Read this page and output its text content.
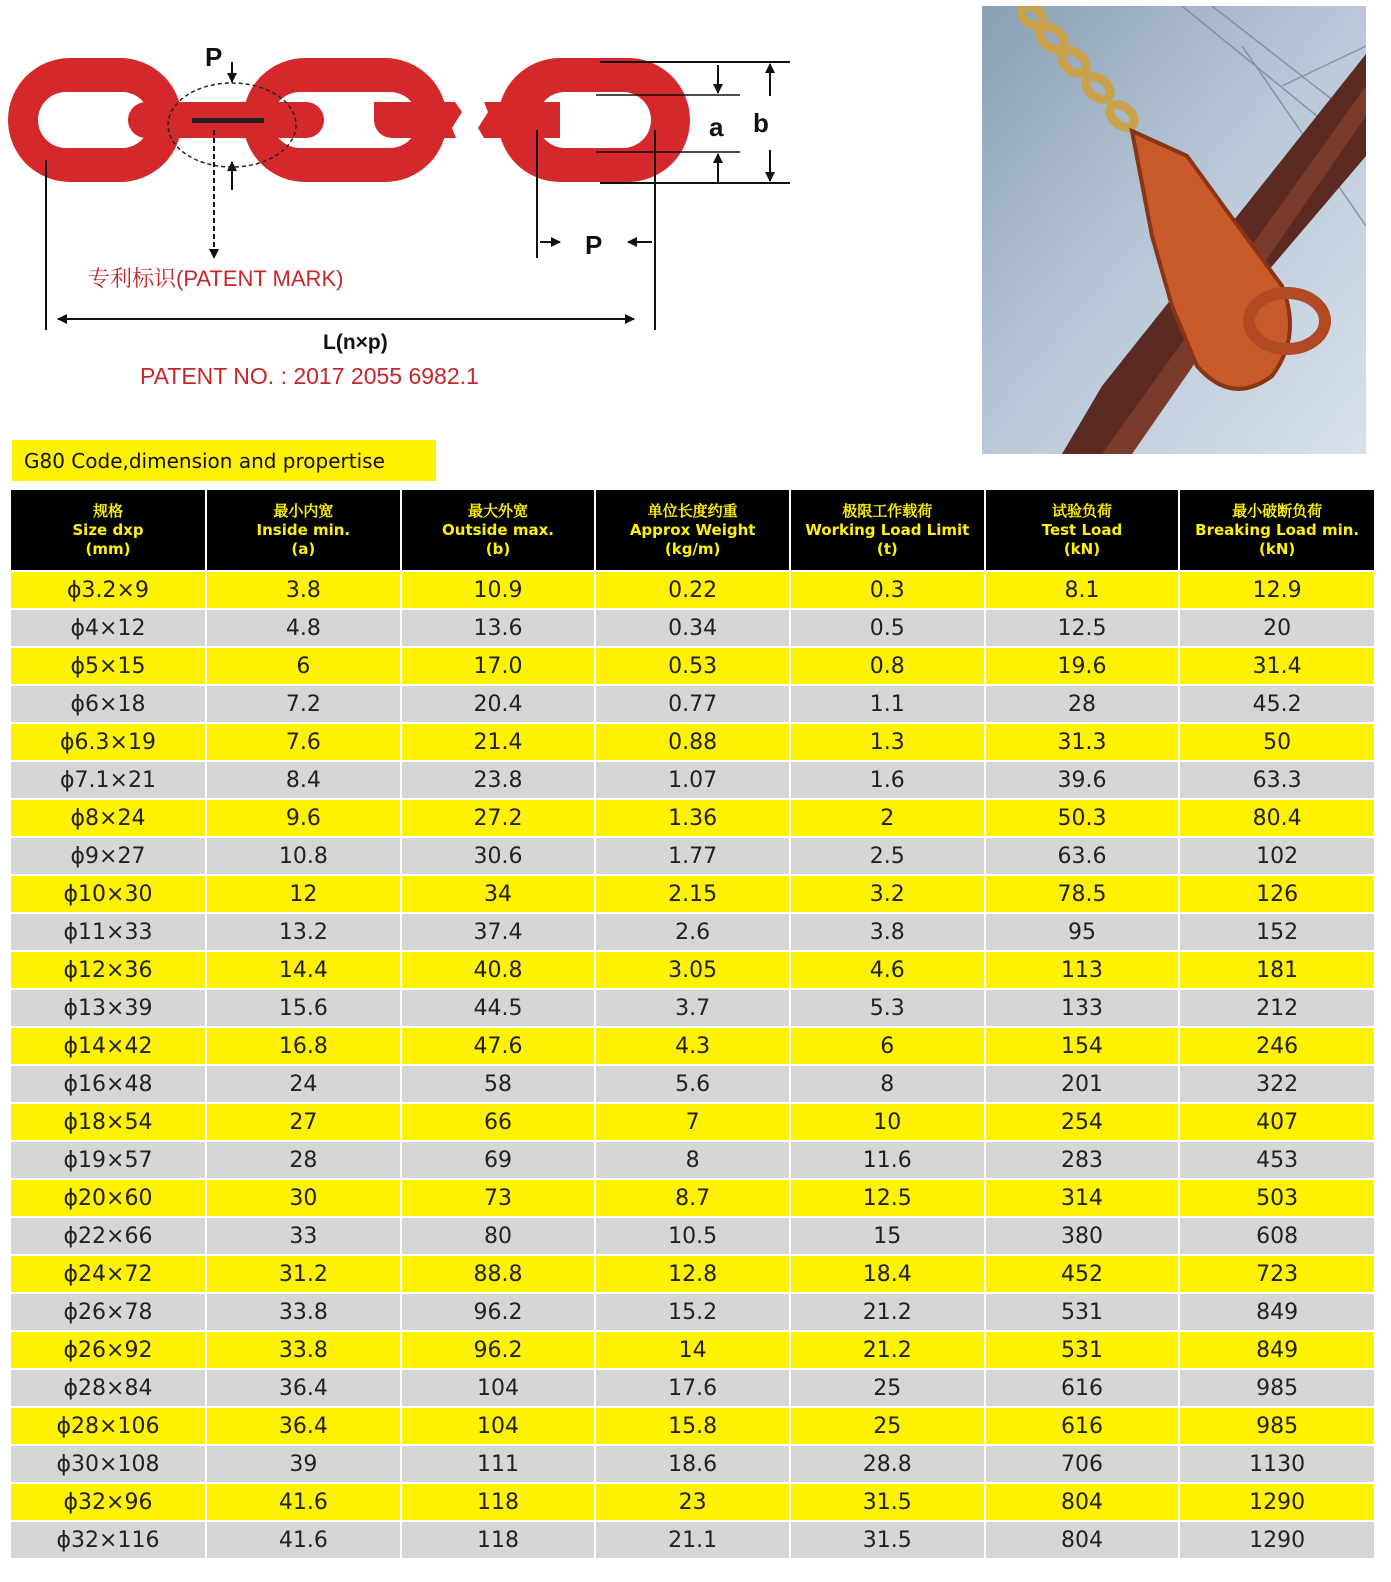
P
专利标识(PATENT MARK)
a b
P
L(n×p)
PATENT NO. : 2017 2055 6982.1
G80 Code,dimension and propertise
规格
Size dxp
(mm)	最小内宽
Inside min.
(a)	最大外宽
Outside max.
(b)	单位长度约重
Approx Weight
(kg/m)	极限工作载荷
Working Load Limit
(t)	试验负荷
Test Load
(kN)	最小破断负荷
Breaking Load min.
(kN)

ϕ3.2×9	3.8	10.9	0.22	0.3	8.1	12.9
ϕ4×12	4.8	13.6	0.34	0.5	12.5	20
ϕ5×15	6	17.0	0.53	0.8	19.6	31.4
ϕ6×18	7.2	20.4	0.77	1.1	28	45.2
ϕ6.3×19	7.6	21.4	0.88	1.3	31.3	50
ϕ7.1×21	8.4	23.8	1.07	1.6	39.6	63.3
ϕ8×24	9.6	27.2	1.36	2	50.3	80.4
ϕ9×27	10.8	30.6	1.77	2.5	63.6	102
ϕ10×30	12	34	2.15	3.2	78.5	126
ϕ11×33	13.2	37.4	2.6	3.8	95	152
ϕ12×36	14.4	40.8	3.05	4.6	113	181
ϕ13×39	15.6	44.5	3.7	5.3	133	212
ϕ14×42	16.8	47.6	4.3	6	154	246
ϕ16×48	24	58	5.6	8	201	322
ϕ18×54	27	66	7	10	254	407
ϕ19×57	28	69	8	11.6	283	453
ϕ20×60	30	73	8.7	12.5	314	503
ϕ22×66	33	80	10.5	15	380	608
ϕ24×72	31.2	88.8	12.8	18.4	452	723
ϕ26×78	33.8	96.2	15.2	21.2	531	849
ϕ26×92	33.8	96.2	14	21.2	531	849
ϕ28×84	36.4	104	17.6	25	616	985
ϕ28×106	36.4	104	15.8	25	616	985
ϕ30×108	39	111	18.6	28.8	706	1130
ϕ32×96	41.6	118	23	31.5	804	1290
ϕ32×116	41.6	118	21.1	31.5	804	1290
